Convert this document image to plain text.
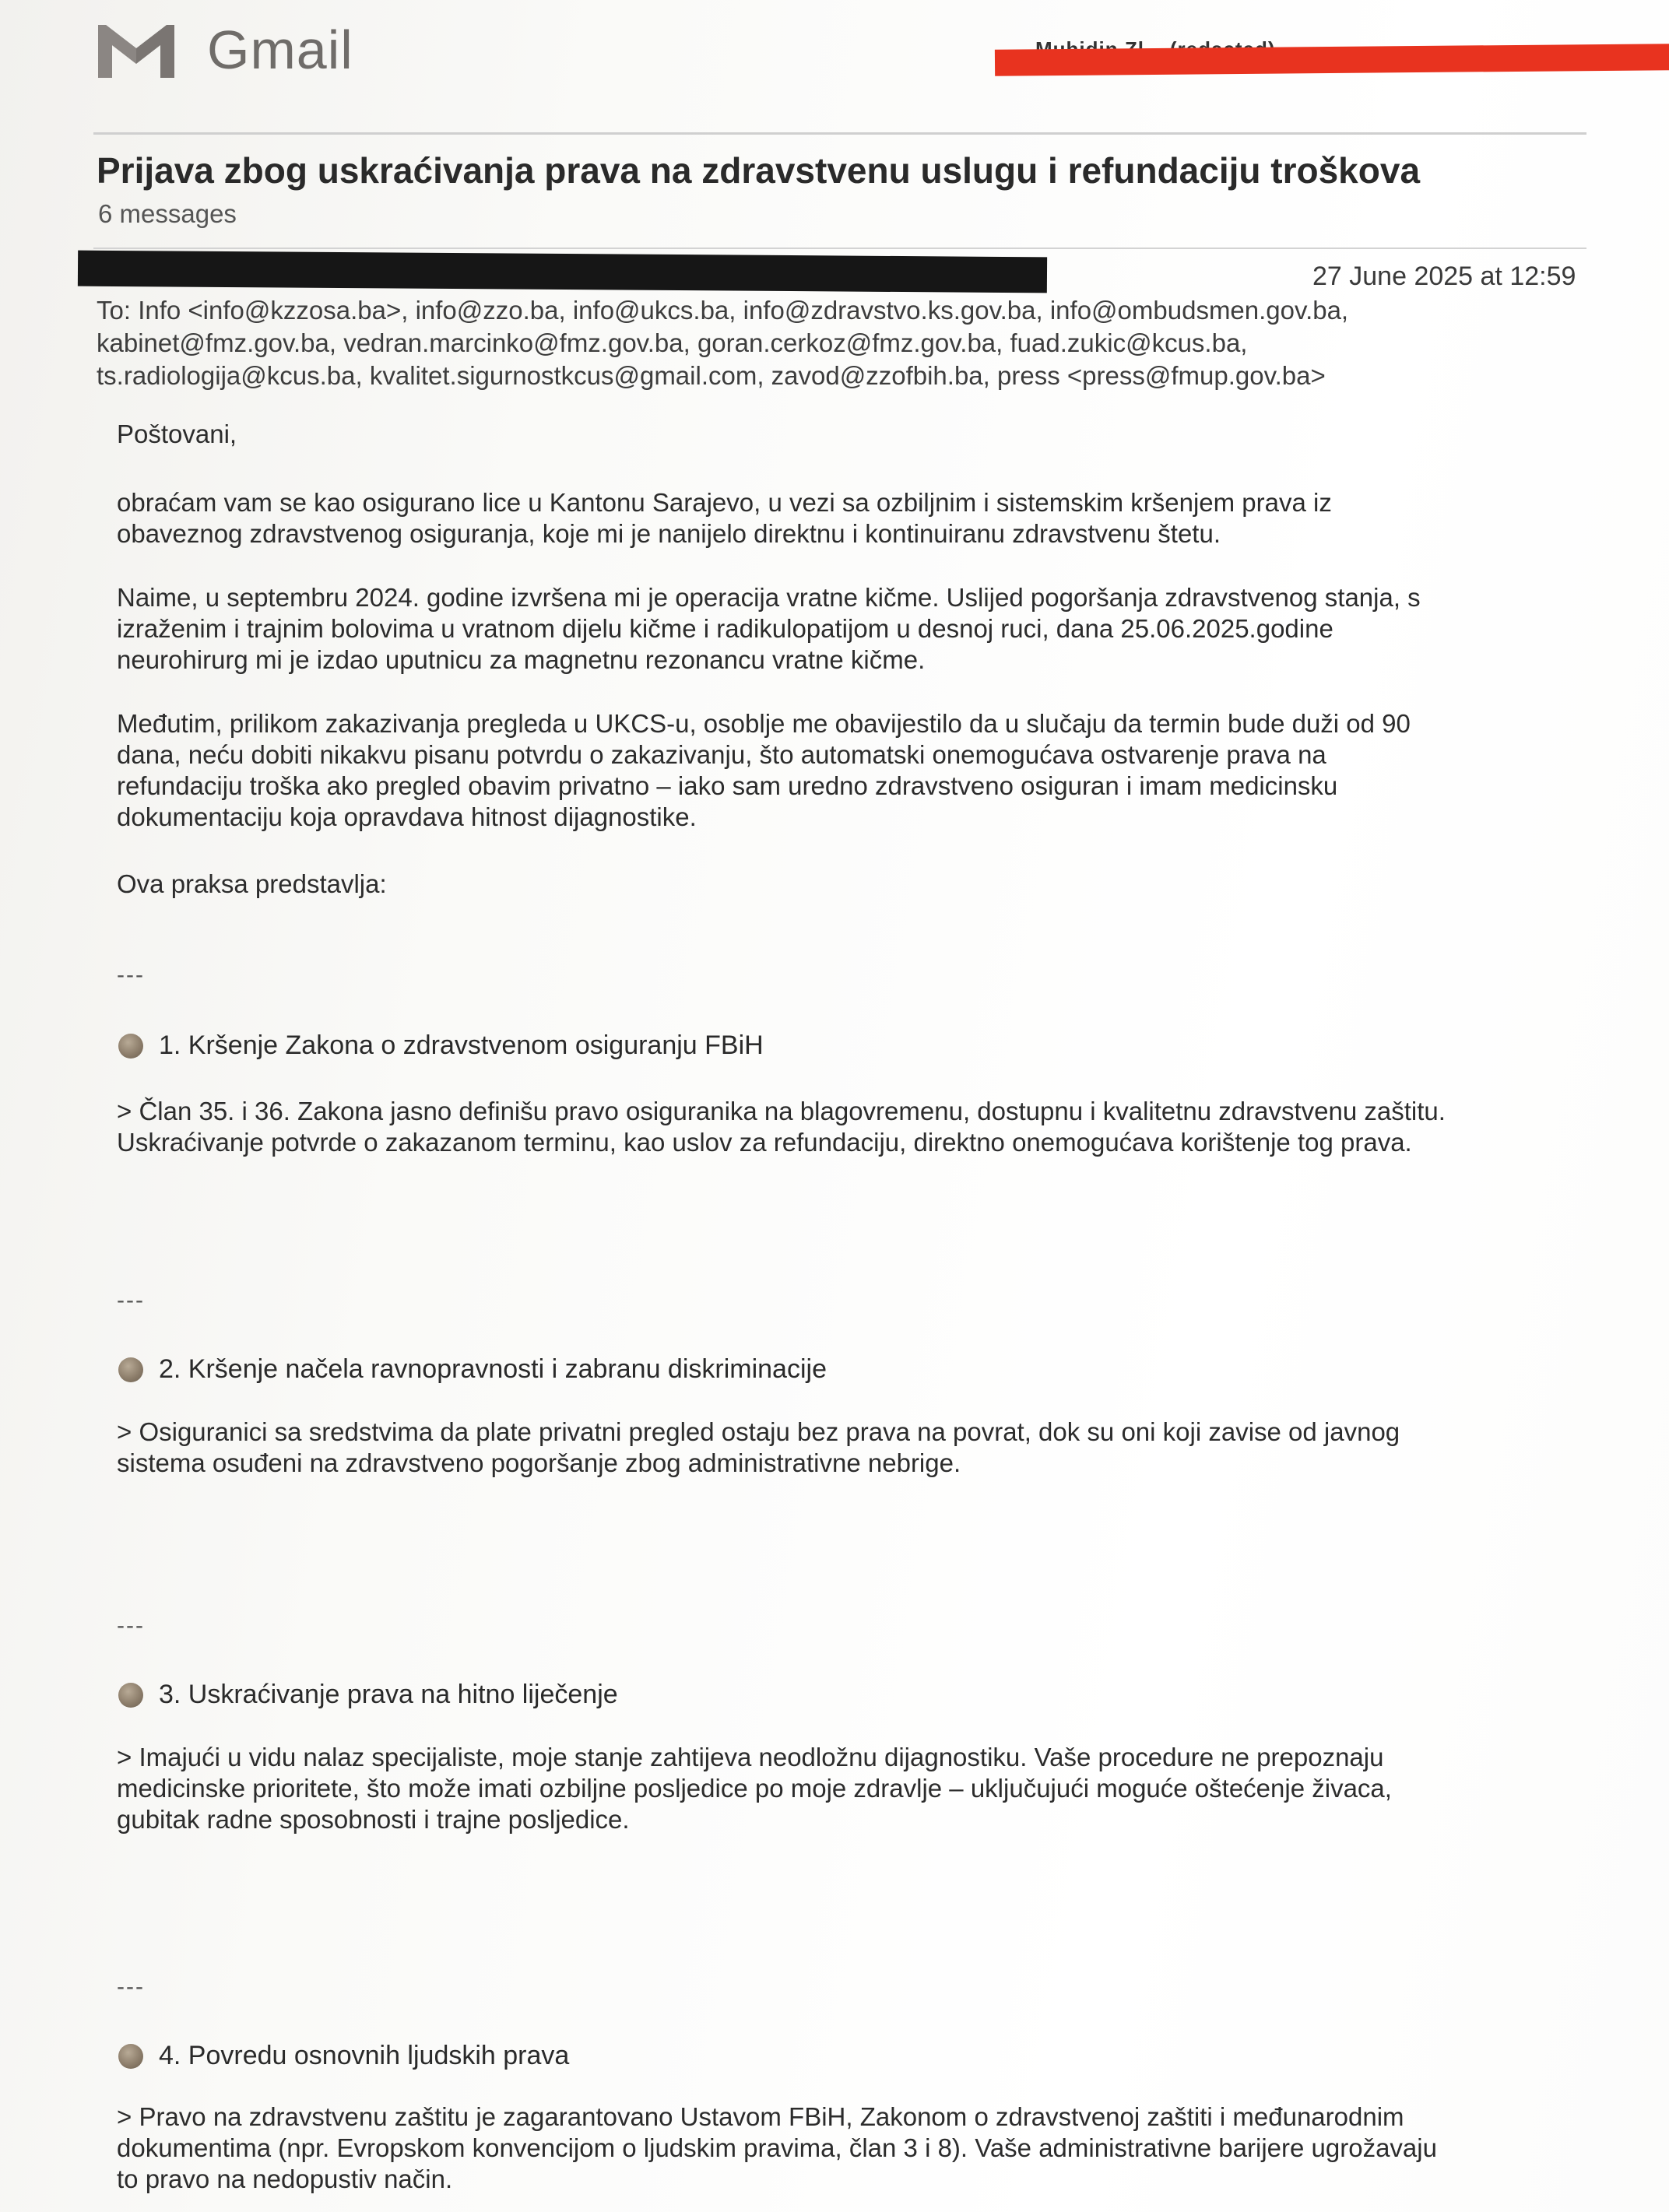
Gmail
Prijava zbog uskraćivanja prava na zdravstvenu uslugu i refundaciju troškova
6 messages
27 June 2025 at 12:59
To: Info <info@kzzosa.ba>, info@zzo.ba, info@ukcs.ba, info@zdravstvo.ks.gov.ba, info@ombudsmen.gov.ba,
kabinet@fmz.gov.ba, vedran.marcinko@fmz.gov.ba, goran.cerkoz@fmz.gov.ba, fuad.zukic@kcus.ba,
ts.radiologija@kcus.ba, kvalitet.sigurnostkcus@gmail.com, zavod@zzofbih.ba, press <press@fmup.gov.ba>
Poštovani,
obraćam vam se kao osigurano lice u Kantonu Sarajevo, u vezi sa ozbiljnim i sistemskim kršenjem prava iz
obaveznog zdravstvenog osiguranja, koje mi je nanijelo direktnu i kontinuiranu zdravstvenu štetu.
Naime, u septembru 2024. godine izvršena mi je operacija vratne kičme. Uslijed pogoršanja zdravstvenog stanja, s
izraženim i trajnim bolovima u vratnom dijelu kičme i radikulopatijom u desnoj ruci, dana 25.06.2025.godine
neurohirurg mi je izdao uputnicu za magnetnu rezonancu vratne kičme.
Međutim, prilikom zakazivanja pregleda u UKCS-u, osoblje me obavijestilo da u slučaju da termin bude duži od 90
dana, neću dobiti nikakvu pisanu potvrdu o zakazivanju, što automatski onemogućava ostvarenje prava na
refundaciju troška ako pregled obavim privatno – iako sam uredno zdravstveno osiguran i imam medicinsku
dokumentaciju koja opravdava hitnost dijagnostike.
Ova praksa predstavlja:
---
1. Kršenje Zakona o zdravstvenom osiguranju FBiH
> Član 35. i 36. Zakona jasno definišu pravo osiguranika na blagovremenu, dostupnu i kvalitetnu zdravstvenu zaštitu.
Uskraćivanje potvrde o zakazanom terminu, kao uslov za refundaciju, direktno onemogućava korištenje tog prava.
---
2. Kršenje načela ravnopravnosti i zabranu diskriminacije
> Osiguranici sa sredstvima da plate privatni pregled ostaju bez prava na povrat, dok su oni koji zavise od javnog
sistema osuđeni na zdravstveno pogoršanje zbog administrativne nebrige.
---
3. Uskraćivanje prava na hitno liječenje
> Imajući u vidu nalaz specijaliste, moje stanje zahtijeva neodložnu dijagnostiku. Vaše procedure ne prepoznaju
medicinske prioritete, što može imati ozbiljne posljedice po moje zdravlje – uključujući moguće oštećenje živaca,
gubitak radne sposobnosti i trajne posljedice.
---
4. Povredu osnovnih ljudskih prava
> Pravo na zdravstvenu zaštitu je zagarantovano Ustavom FBiH, Zakonom o zdravstvenoj zaštiti i međunarodnim
dokumentima (npr. Evropskom konvencijom o ljudskim pravima, član 3 i 8). Vaše administrativne barijere ugrožavaju
to pravo na nedopustiv način.
